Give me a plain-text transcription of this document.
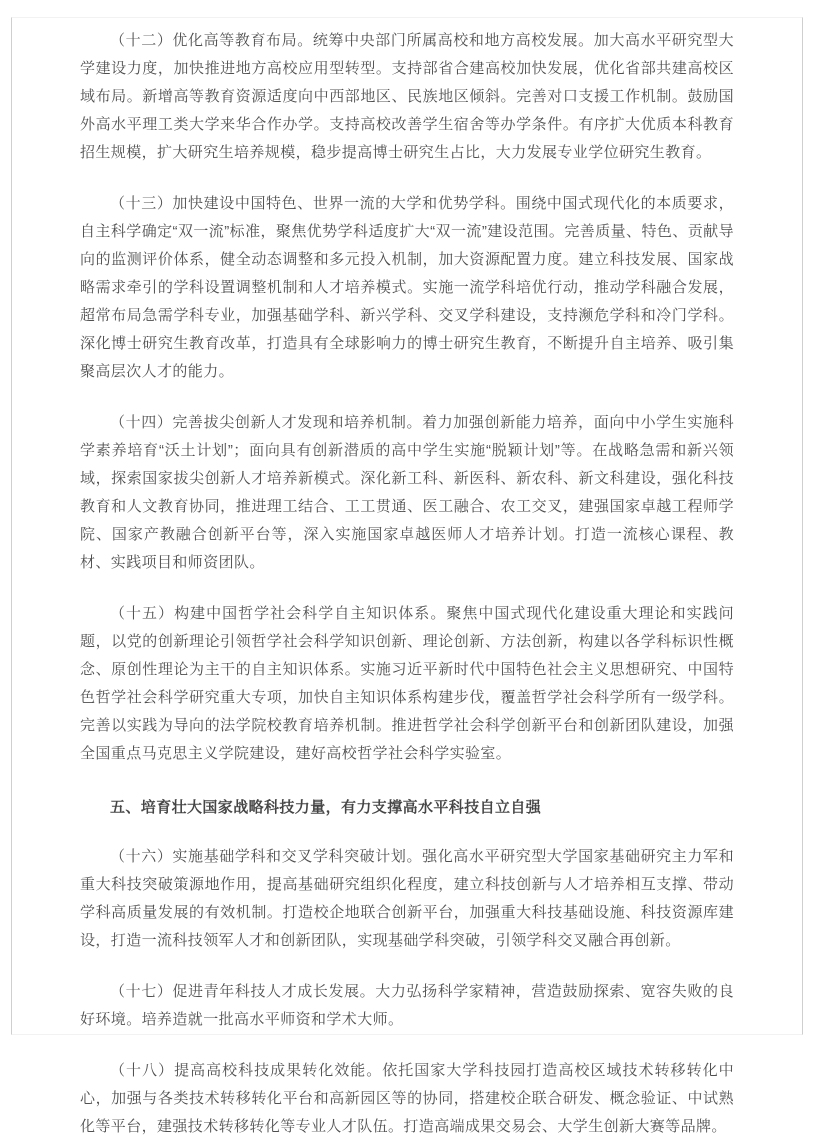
（十二）优化高等教育布局。统筹中央部门所属高校和地方高校发展。加大高水平研究型大学建设力度，加快推进地方高校应用型转型。支持部省合建高校加快发展，优化省部共建高校区域布局。新增高等教育资源适度向中西部地区、民族地区倾斜。完善对口支援工作机制。鼓励国外高水平理工类大学来华合作办学。支持高校改善学生宿舍等办学条件。有序扩大优质本科教育招生规模，扩大研究生培养规模，稳步提高博士研究生占比，大力发展专业学位研究生教育。

（十三）加快建设中国特色、世界一流的大学和优势学科。围绕中国式现代化的本质要求，自主科学确定“双一流”标准，聚焦优势学科适度扩大“双一流”建设范围。完善质量、特色、贡献导向的监测评价体系，健全动态调整和多元投入机制，加大资源配置力度。建立科技发展、国家战略需求牵引的学科设置调整机制和人才培养模式。实施一流学科培优行动，推动学科融合发展，超常布局急需学科专业，加强基础学科、新兴学科、交叉学科建设，支持濒危学科和冷门学科。深化博士研究生教育改革，打造具有全球影响力的博士研究生教育，不断提升自主培养、吸引集聚高层次人才的能力。

（十四）完善拔尖创新人才发现和培养机制。着力加强创新能力培养，面向中小学生实施科学素养培育“沃土计划”；面向具有创新潜质的高中学生实施“脱颖计划”等。在战略急需和新兴领域，探索国家拔尖创新人才培养新模式。深化新工科、新医科、新农科、新文科建设，强化科技教育和人文教育协同，推进理工结合、工工贯通、医工融合、农工交叉，建强国家卓越工程师学院、国家产教融合创新平台等，深入实施国家卓越医师人才培养计划。打造一流核心课程、教材、实践项目和师资团队。

（十五）构建中国哲学社会科学自主知识体系。聚焦中国式现代化建设重大理论和实践问题，以党的创新理论引领哲学社会科学知识创新、理论创新、方法创新，构建以各学科标识性概念、原创性理论为主干的自主知识体系。实施习近平新时代中国特色社会主义思想研究、中国特色哲学社会科学研究重大专项，加快自主知识体系构建步伐，覆盖哲学社会科学所有一级学科。完善以实践为导向的法学院校教育培养机制。推进哲学社会科学创新平台和创新团队建设，加强全国重点马克思主义学院建设，建好高校哲学社会科学实验室。

五、培育壮大国家战略科技力量，有力支撑高水平科技自立自强

（十六）实施基础学科和交叉学科突破计划。强化高水平研究型大学国家基础研究主力军和重大科技突破策源地作用，提高基础研究组织化程度，建立科技创新与人才培养相互支撑、带动学科高质量发展的有效机制。打造校企地联合创新平台，加强重大科技基础设施、科技资源库建设，打造一流科技领军人才和创新团队，实现基础学科突破，引领学科交叉融合再创新。

（十七）促进青年科技人才成长发展。大力弘扬科学家精神，营造鼓励探索、宽容失败的良好环境。培养造就一批高水平师资和学术大师。

（十八）提高高校科技成果转化效能。依托国家大学科技园打造高校区域技术转移转化中心，加强与各类技术转移转化平台和高新园区等的协同，搭建校企联合研发、概念验证、中试熟化等平台，建强技术转移转化等专业人才队伍。打造高端成果交易会、大学生创新大赛等品牌。
